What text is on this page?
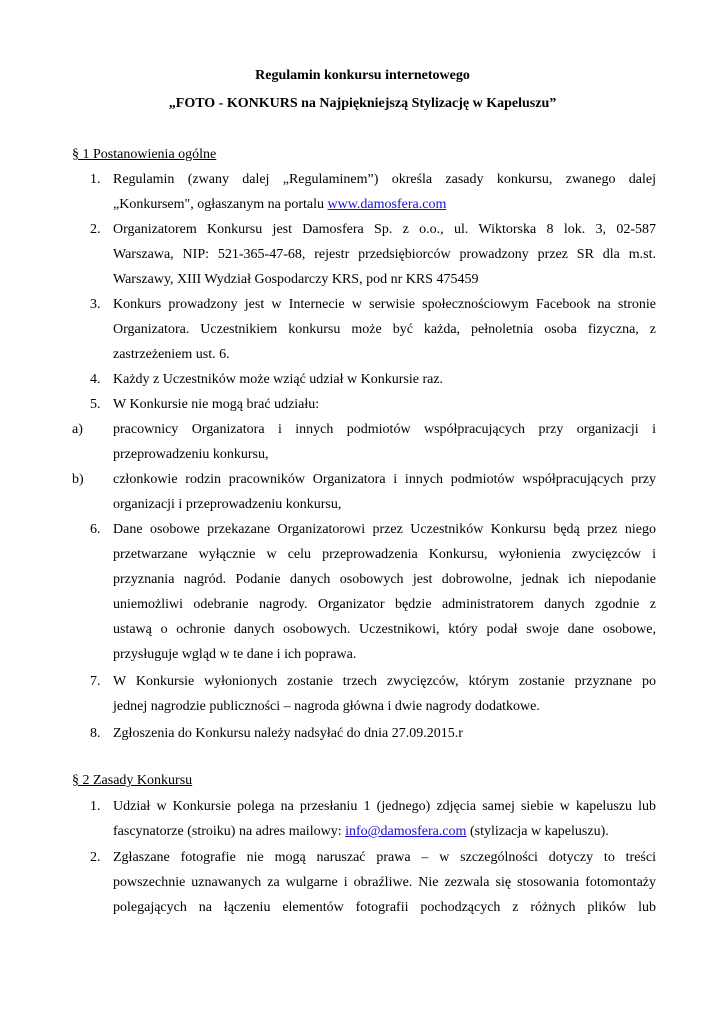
Regulamin konkursu internetowego
„FOTO - KONKURS na Najpiękniejszą Stylizację w Kapeluszu”
§ 1 Postanowienia ogólne
1. Regulamin (zwany dalej „Regulaminem”) określa zasady konkursu, zwanego dalej
„Konkursem", ogłaszanym na portalu www.damosfera.com
2. Organizatorem Konkursu jest Damosfera Sp. z o.o., ul. Wiktorska 8 lok. 3, 02-587
Warszawa, NIP: 521-365-47-68, rejestr przedsiębiorców prowadzony przez SR dla m.st.
Warszawy, XIII Wydział Gospodarczy KRS, pod nr KRS 475459
3. Konkurs prowadzony jest w Internecie w serwisie społecznościowym Facebook na stronie
Organizatora. Uczestnikiem konkursu może być każda, pełnoletnia osoba fizyczna, z
zastrzeżeniem ust. 6.
4. Każdy z Uczestników może wziąć udział w Konkursie raz.
5. W Konkursie nie mogą brać udziału:
a) pracownicy Organizatora i innych podmiotów współpracujących przy organizacji i
przeprowadzeniu konkursu,
b) członkowie rodzin pracowników Organizatora i innych podmiotów współpracujących przy
organizacji i przeprowadzeniu konkursu,
6. Dane osobowe przekazane Organizatorowi przez Uczestników Konkursu będą przez niego
przetwarzane wyłącznie w celu przeprowadzenia Konkursu, wyłonienia zwycięzców i
przyznania nagród. Podanie danych osobowych jest dobrowolne, jednak ich niepodanie
uniemożliwi odebranie nagrody. Organizator będzie administratorem danych zgodnie z
ustawą o ochronie danych osobowych. Uczestnikowi, który podał swoje dane osobowe,
przysługuje wgląd w te dane i ich poprawa.
7. W Konkursie wyłonionych zostanie trzech zwycięzców, którym zostanie przyznane po
jednej nagrodzie publiczności – nagroda główna i dwie nagrody dodatkowe.
8. Zgłoszenia do Konkursu należy nadsyłać do dnia 27.09.2015.r
§ 2 Zasady Konkursu
1. Udział w Konkursie polega na przesłaniu 1 (jednego) zdjęcia samej siebie w kapeluszu lub
fascynatorze (stroiku) na adres mailowy: info@damosfera.com (stylizacja w kapeluszu).
2. Zgłaszane fotografie nie mogą naruszać prawa – w szczególności dotyczy to treści
powszechnie uznawanych za wulgarne i obraźliwe. Nie zezwala się stosowania fotomontaży
polegających na łączeniu elementów fotografii pochodzących z różnych plików lub
